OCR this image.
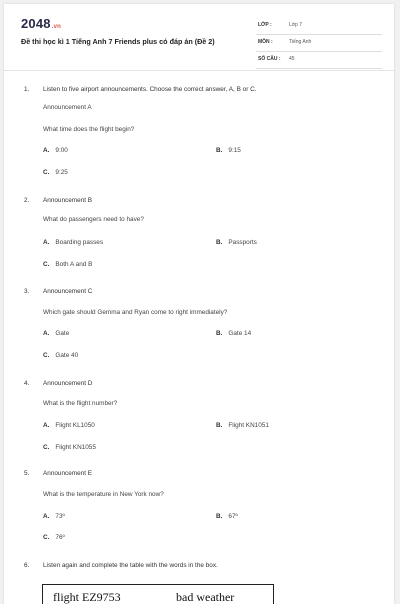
2048.vn
Đề thi học kì 1 Tiếng Anh 7 Friends plus có đáp án (Đề 2)
LỚP :	Lớp 7
MÔN :	Tiếng Anh
SỐ CÂU : 45
1. Listen to five airport announcements. Choose the correct answer, A, B or C.
Announcement A
What time does the flight begin?
A. 9:00	B. 9:15
C. 9:25
2. Announcement B
What do passengers need to have?
A. Boarding passes	B. Passports
C. Both A and B
3. Announcement C
Which gate should Gemma and Ryan come to right immediately?
A. Gate	B. Gate 14
C. Gate 40
4. Announcement D
What is the flight number?
A. Flight KL1050	B. Flight KN1051
C. Flight KN1055
5. Announcement E
What is the temperature in New York now?
A. 73º	B. 67º
C. 76º
6. Listen again and complete the table with the words in the box.
flight EZ9753	bad weather
